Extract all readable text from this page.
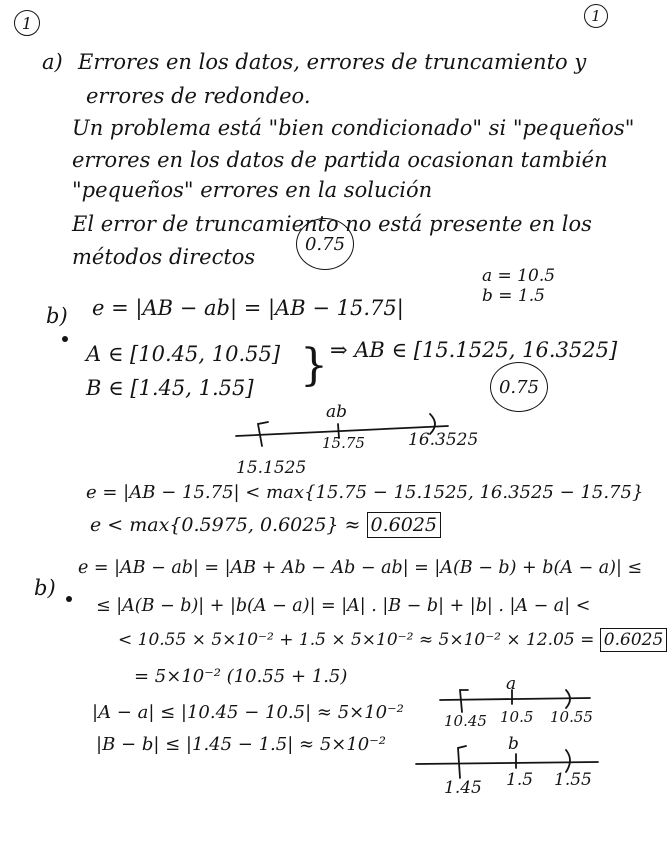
1	1
a) Errores en los datos, errores de truncamiento y
errores de redondeo.
Un problema está "bien condicionado" si "pequeños"
errores en los datos de partida ocasionan también
"pequeños" errores en la solución
El error de truncamiento no está presente en los
métodos directos
0.75
b)
a = 10.5
b = 1.5
e = |AB − ab| = |AB − 15.75|
A ∈ [10.45, 10.55]
B ∈ [1.45, 1.55] } ⇒ AB ∈ [15.1525, 16.3525]
0.75
ab
15.75	16.3525
15.1525
e = |AB − 15.75| < max{15.75 − 15.1525, 16.3525 − 15.75}
e < max{0.5975, 0.6025} ≈ 0.6025
b)
e = |AB − ab| = |AB + Ab − Ab − ab| = |A(B − b) + b(A − a)| ≤
≤ |A(B − b)| + |b(A − a)| = |A| . |B − b| + |b| . |A − a| <
< 10.55 × 5×10⁻² + 1.5 × 5×10⁻² ≈ 5×10⁻² × 12.05 = 0.6025
= 5×10⁻² (10.55 + 1.5)
|A − a| ≤ |10.45 − 10.5| ≈ 5×10⁻²
|B − b| ≤ |1.45 − 1.5| ≈ 5×10⁻²
a
10.45 10.5 10.55
b
1.45 1.5 1.55
